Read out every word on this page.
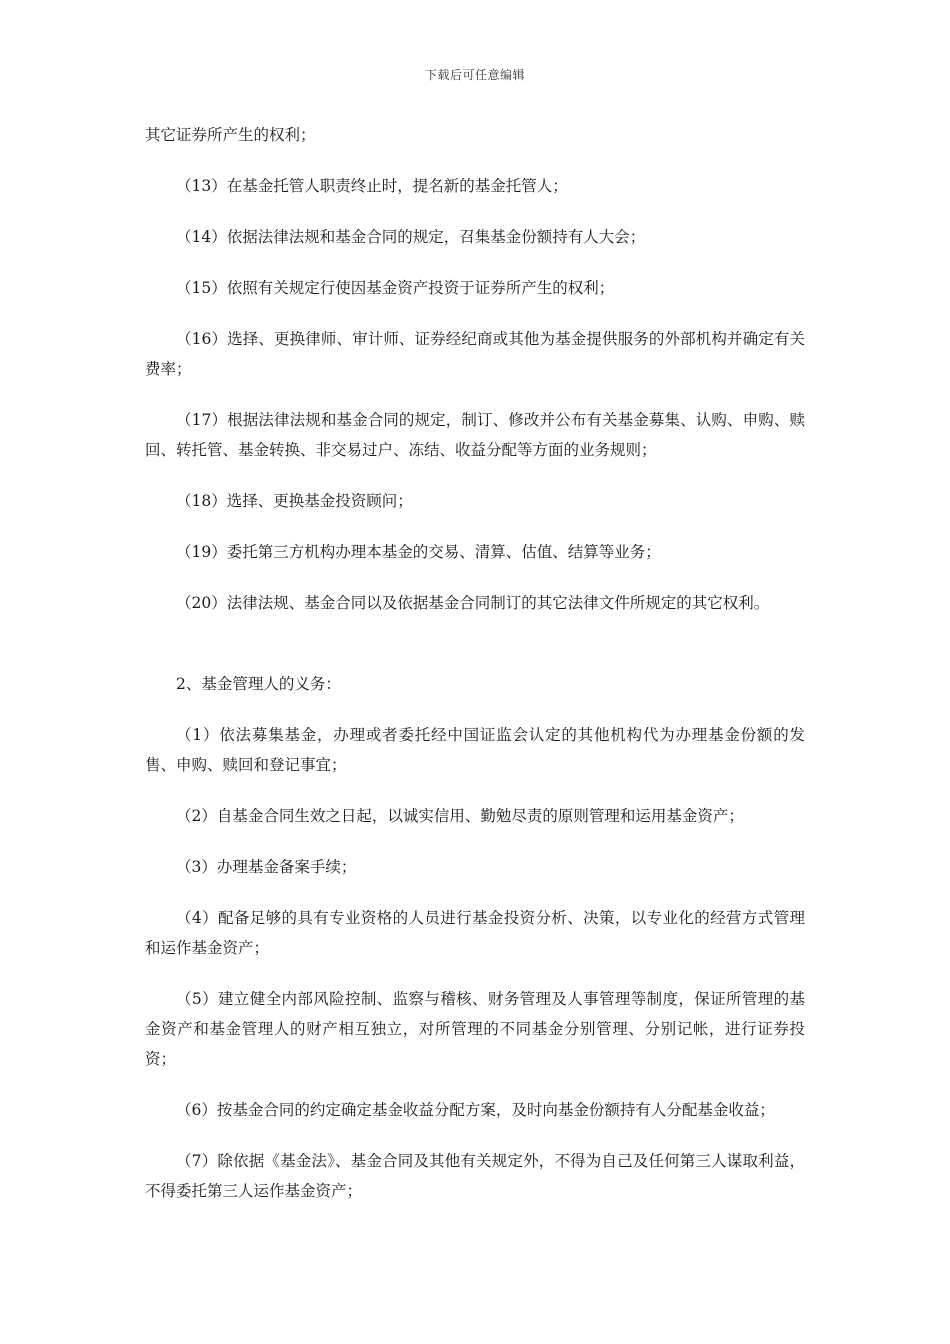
下载后可任意编辑

其它证券所产生的权利；

（13）在基金托管人职责终止时，提名新的基金托管人；

（14）依据法律法规和基金合同的规定，召集基金份额持有人大会；

（15）依照有关规定行使因基金资产投资于证券所产生的权利；

（16）选择、更换律师、审计师、证券经纪商或其他为基金提供服务的外部机构并确定有关费率；

（17）根据法律法规和基金合同的规定，制订、修改并公布有关基金募集、认购、申购、赎回、转托管、基金转换、非交易过户、冻结、收益分配等方面的业务规则；

（18）选择、更换基金投资顾问；

（19）委托第三方机构办理本基金的交易、清算、估值、结算等业务；

（20）法律法规、基金合同以及依据基金合同制订的其它法律文件所规定的其它权利。

2、基金管理人的义务：

（1）依法募集基金，办理或者委托经中国证监会认定的其他机构代为办理基金份额的发售、申购、赎回和登记事宜；

（2）自基金合同生效之日起，以诚实信用、勤勉尽责的原则管理和运用基金资产；

（3）办理基金备案手续；

（4）配备足够的具有专业资格的人员进行基金投资分析、决策，以专业化的经营方式管理和运作基金资产；

（5）建立健全内部风险控制、监察与稽核、财务管理及人事管理等制度，保证所管理的基金资产和基金管理人的财产相互独立，对所管理的不同基金分别管理、分别记帐，进行证券投资；

（6）按基金合同的约定确定基金收益分配方案，及时向基金份额持有人分配基金收益；

（7）除依据《基金法》、基金合同及其他有关规定外，不得为自己及任何第三人谋取利益，不得委托第三人运作基金资产；
